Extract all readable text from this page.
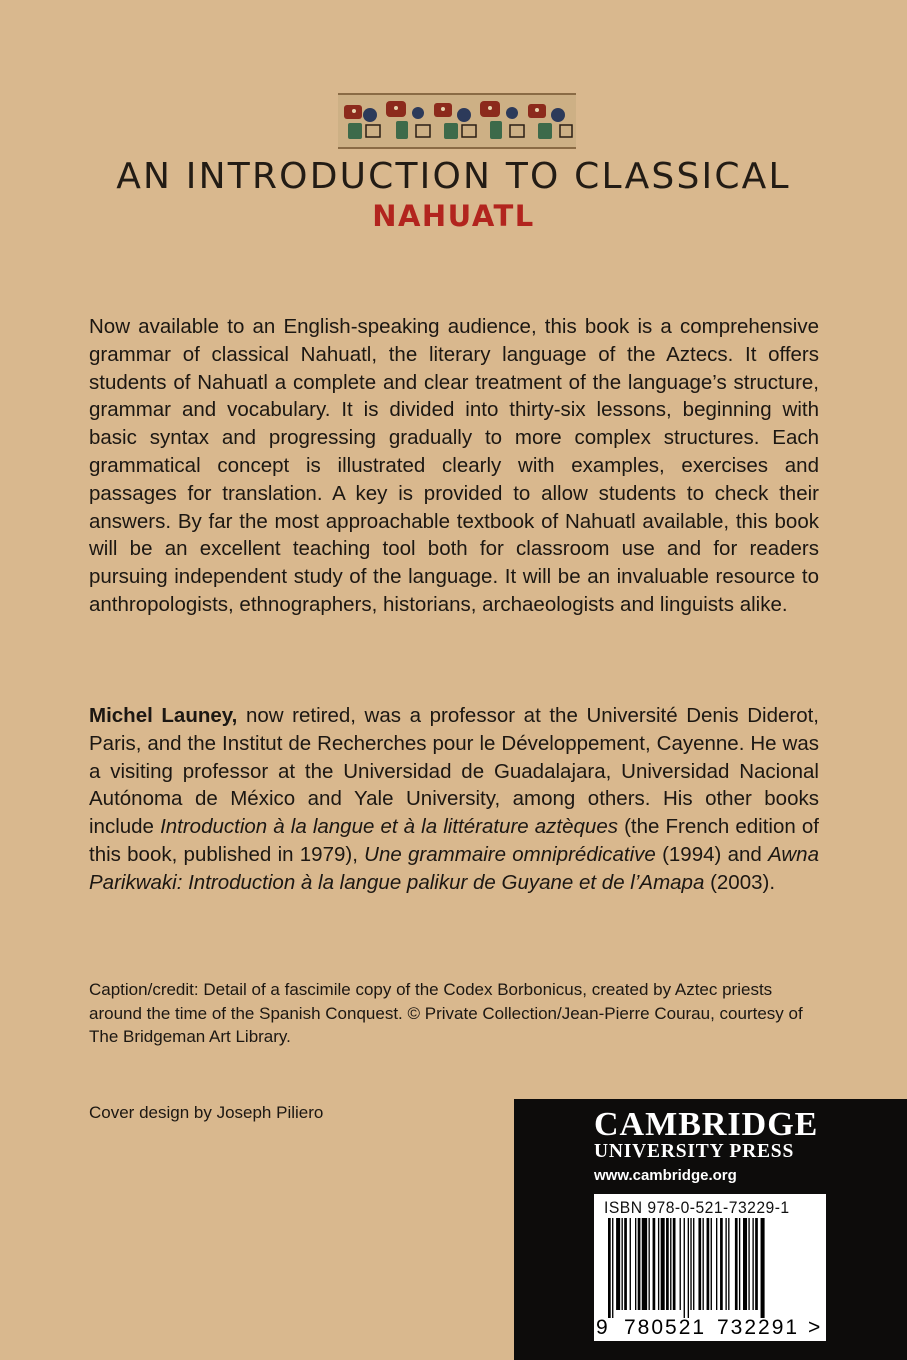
AN INTRODUCTION TO CLASSICAL
NAHUATL
Now available to an English-speaking audience, this book is a comprehensive grammar of classical Nahuatl, the literary language of the Aztecs. It offers students of Nahuatl a complete and clear treatment of the language’s structure, grammar and vocabulary. It is divided into thirty-six lessons, beginning with basic syntax and progressing gradually to more complex structures. Each grammatical concept is illustrated clearly with examples, exercises and passages for translation. A key is provided to allow students to check their answers. By far the most approachable textbook of Nahuatl available, this book will be an excellent teaching tool both for classroom use and for readers pursuing independent study of the language. It will be an invaluable resource to anthropologists, ethnographers, historians, archaeologists and linguists alike.
Michel Launey, now retired, was a professor at the Université Denis Diderot, Paris, and the Institut de Recherches pour le Développement, Cayenne. He was a visiting professor at the Universidad de Guadalajara, Universidad Nacional Autónoma de México and Yale University, among others. His other books include Introduction à la langue et à la littérature aztèques (the French edition of this book, published in 1979), Une grammaire omniprédicative (1994) and Awna Parikwaki: Introduction à la langue palikur de Guyane et de l’Amapa (2003).
Caption/credit: Detail of a fascimile copy of the Codex Borbonicus, created by Aztec priests around the time of the Spanish Conquest. © Private Collection/Jean-Pierre Courau, courtesy of The Bridgeman Art Library.
Cover design by Joseph Piliero	CAMBRIDGE
UNIVERSITY PRESS
www.cambridge.org
ISBN 978-0-521-73229-1
9 780521 732291 >
